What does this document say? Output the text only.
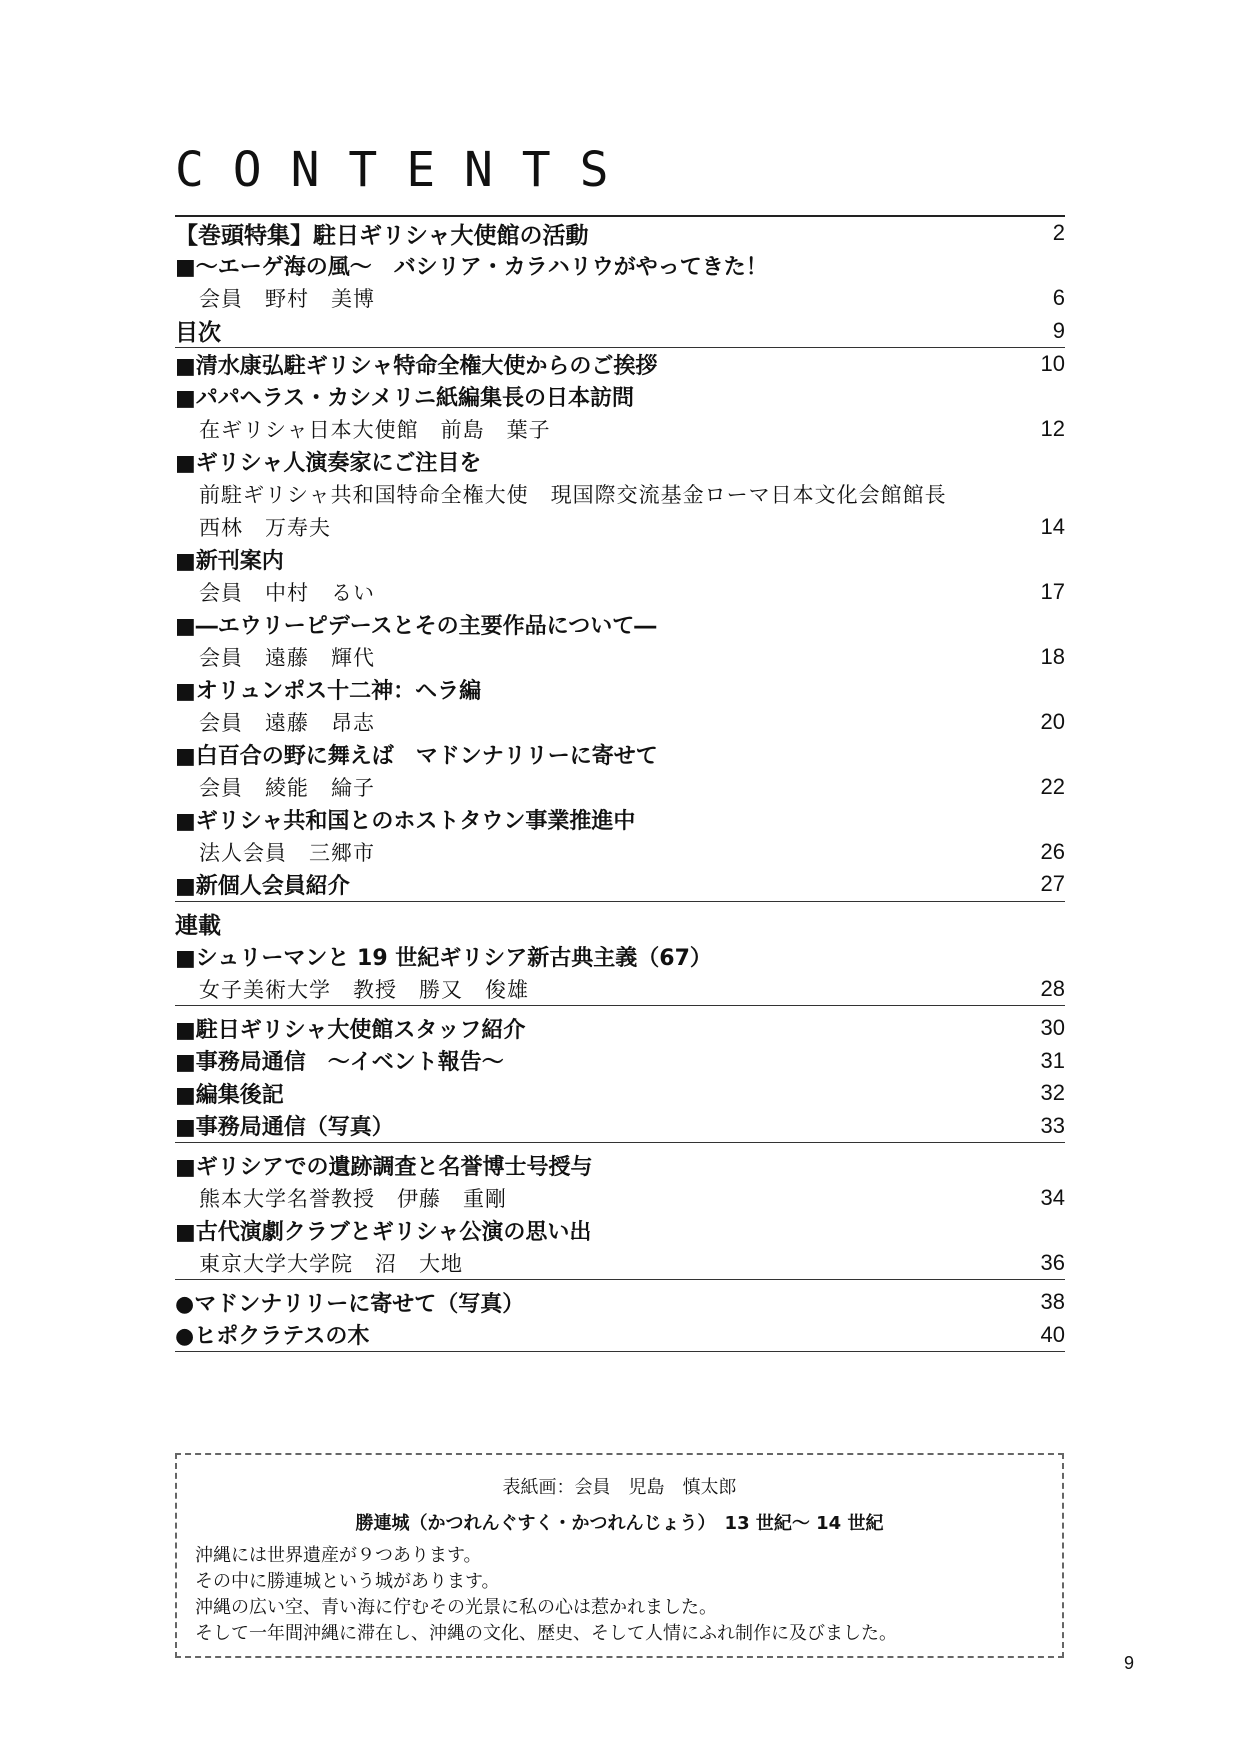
C O N T E N T S
【巻頭特集】駐日ギリシャ大使館の活動	2
■～エーゲ海の風～　バシリア・カラハリウがやってきた！
会員　野村　美博	6
目次	9
■清水康弘駐ギリシャ特命全権大使からのご挨拶	10
■パパヘラス・カシメリニ紙編集長の日本訪問
在ギリシャ日本大使館　前島　葉子	12
■ギリシャ人演奏家にご注目を
前駐ギリシャ共和国特命全権大使　現国際交流基金ローマ日本文化会館館長
西林　万寿夫	14
■新刊案内
会員　中村　るい	17
■―エウリーピデースとその主要作品について―
会員　遠藤　輝代	18
■オリュンポス十二神：ヘラ編
会員　遠藤　昂志	20
■白百合の野に舞えば　マドンナリリーに寄せて
会員　綾能　綸子	22
■ギリシャ共和国とのホストタウン事業推進中
法人会員　三郷市	26
■新個人会員紹介	27
連載
■シュリーマンと 19 世紀ギリシア新古典主義（67）
女子美術大学　教授　勝又　俊雄	28
■駐日ギリシャ大使館スタッフ紹介	30
■事務局通信　～イベント報告～	31
■編集後記	32
■事務局通信（写真）	33
■ギリシアでの遺跡調査と名誉博士号授与
熊本大学名誉教授　伊藤　重剛	34
■古代演劇クラブとギリシャ公演の思い出
東京大学大学院　沼　大地	36
●マドンナリリーに寄せて（写真）	38
●ヒポクラテスの木	40
表紙画：会員　児島　慎太郎
勝連城（かつれんぐすく・かつれんじょう）　13 世紀～ 14 世紀
沖縄には世界遺産が９つあります。
その中に勝連城という城があります。
沖縄の広い空、青い海に佇むその光景に私の心は惹かれました。
そして一年間沖縄に滞在し、沖縄の文化、歴史、そして人情にふれ制作に及びました。
9
